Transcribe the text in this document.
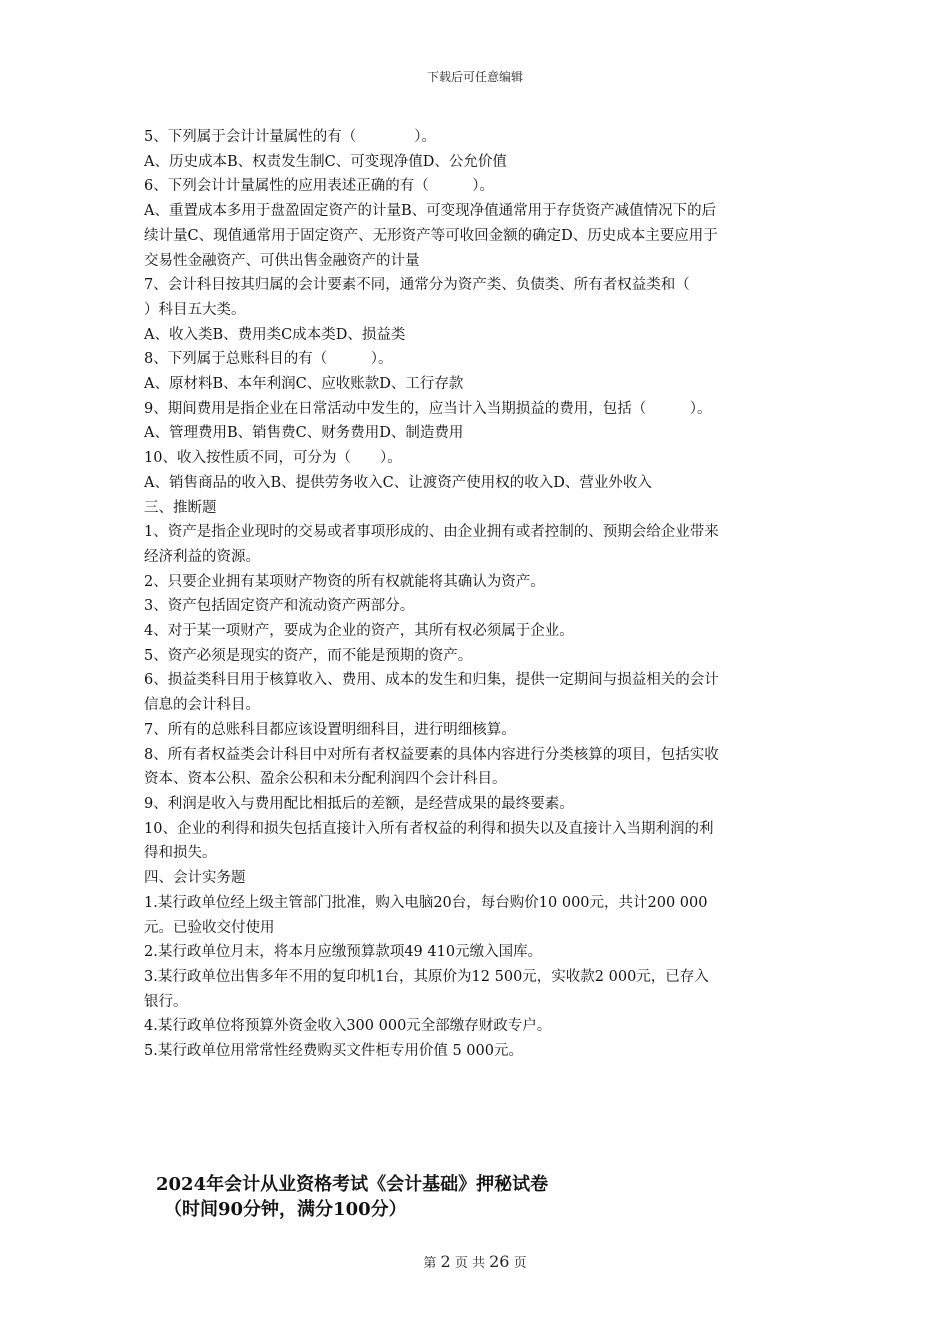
下载后可任意编辑
5、下列属于会计计量属性的有（　　　　）。
A、历史成本B、权责发生制C、可变现净值D、公允价值
6、下列会计计量属性的应用表述正确的有（　　　）。
A、重置成本多用于盘盈固定资产的计量B、可变现净值通常用于存货资产减值情况下的后
续计量C、现值通常用于固定资产、无形资产等可收回金额的确定D、历史成本主要应用于
交易性金融资产、可供出售金融资产的计量
7、会计科目按其归属的会计要素不同，通常分为资产类、负债类、所有者权益类和（
）科目五大类。
A、收入类B、费用类C成本类D、损益类
8、下列属于总账科目的有（　　　）。
A、原材料B、本年利润C、应收账款D、工行存款
9、期间费用是指企业在日常活动中发生的，应当计入当期损益的费用，包括（　　　）。
A、管理费用B、销售费C、财务费用D、制造费用
10、收入按性质不同，可分为（　　）。
A、销售商品的收入B、提供劳务收入C、让渡资产使用权的收入D、营业外收入
三、推断题
1、资产是指企业现时的交易或者事项形成的、由企业拥有或者控制的、预期会给企业带来
经济利益的资源。
2、只要企业拥有某项财产物资的所有权就能将其确认为资产。
3、资产包括固定资产和流动资产两部分。
4、对于某一项财产，要成为企业的资产，其所有权必须属于企业。
5、资产必须是现实的资产，而不能是预期的资产。
6、损益类科目用于核算收入、费用、成本的发生和归集，提供一定期间与损益相关的会计
信息的会计科目。
7、所有的总账科目都应该设置明细科目，进行明细核算。
8、所有者权益类会计科目中对所有者权益要素的具体内容进行分类核算的项目，包括实收
资本、资本公积、盈余公积和未分配利润四个会计科目。
9、利润是收入与费用配比相抵后的差额，是经营成果的最终要素。
10、企业的利得和损失包括直接计入所有者权益的利得和损失以及直接计入当期利润的利
得和损失。
四、会计实务题
1.某行政单位经上级主管部门批准，购入电脑20台，每台购价10 000元，共计200 000
元。已验收交付使用
2.某行政单位月末，将本月应缴预算款项49 410元缴入国库。
3.某行政单位出售多年不用的复印机1台，其原价为12 500元，实收款2 000元，已存入
银行。
4.某行政单位将预算外资金收入300 000元全部缴存财政专户。
5.某行政单位用常常性经费购买文件柜专用价值 5 000元。
2024年会计从业资格考试《会计基础》押秘试卷
（时间90分钟，满分100分）
第 2 页 共 26 页
